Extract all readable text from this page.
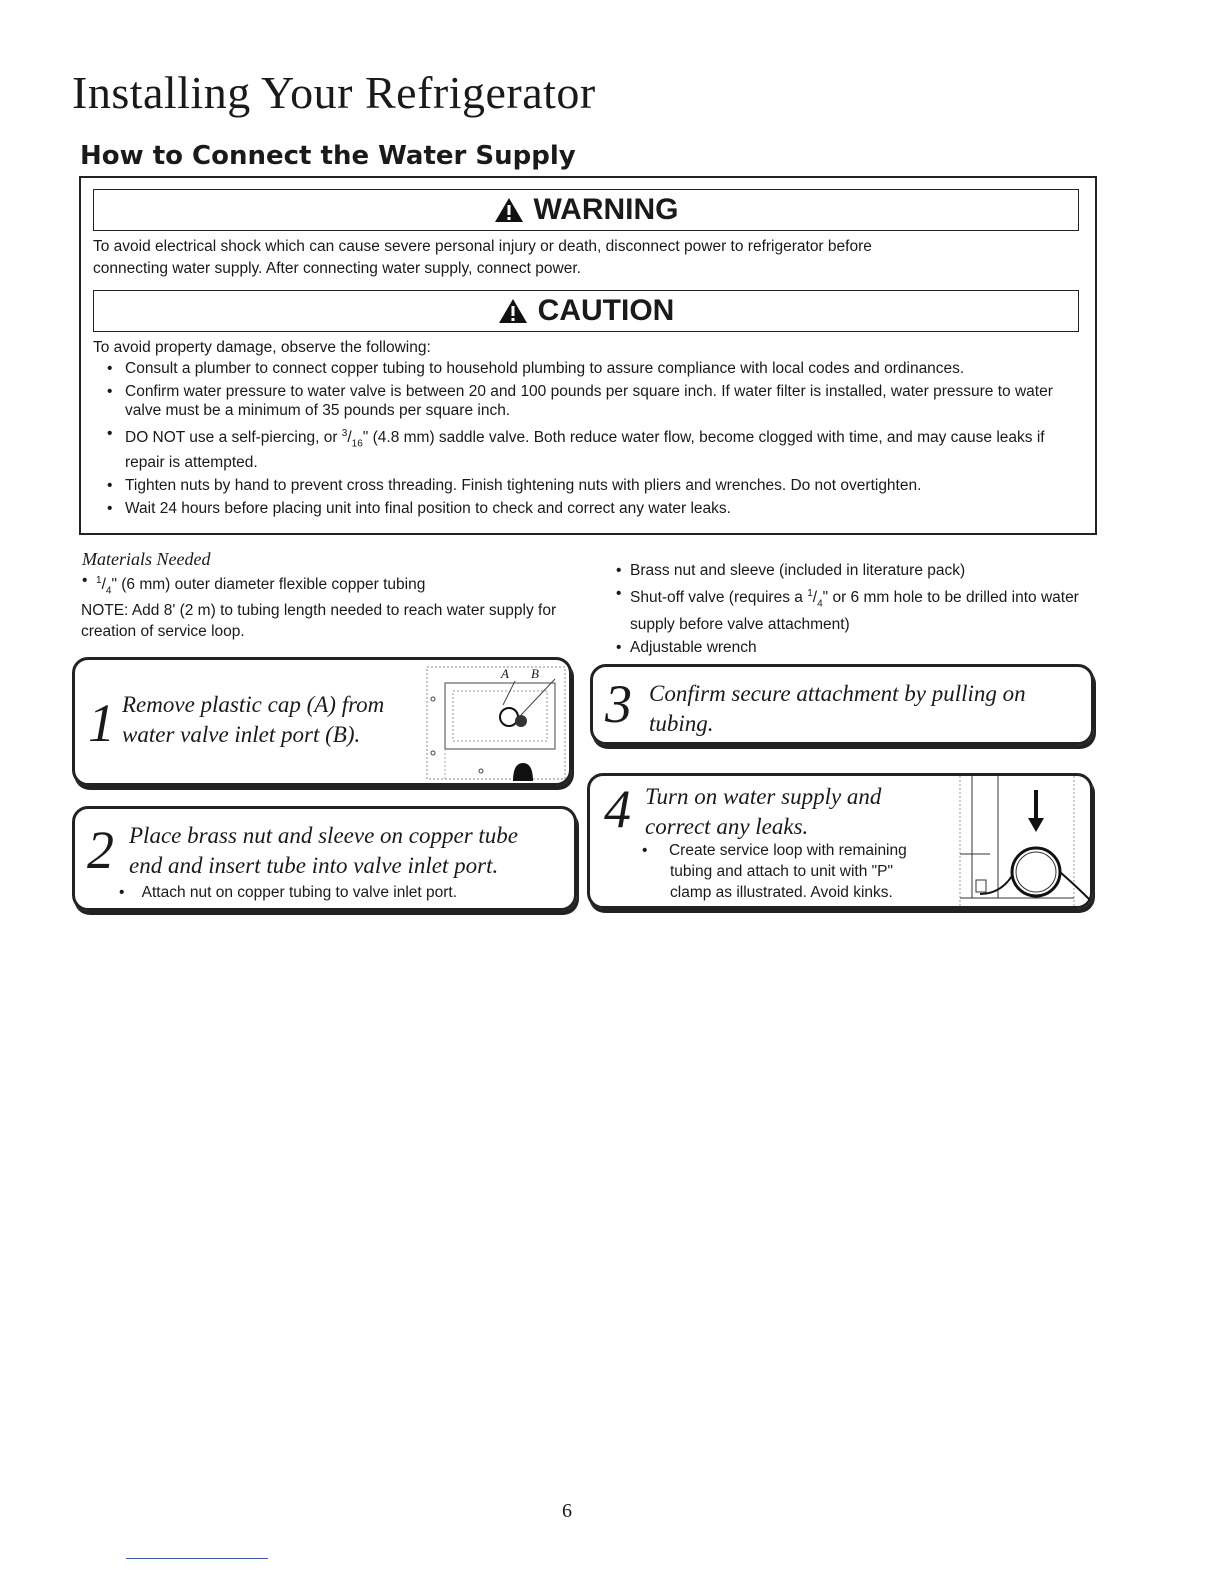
Installing Your Refrigerator
How to Connect the Water Supply
WARNING
To avoid electrical shock which can cause severe personal injury or death, disconnect power to refrigerator before
connecting water supply. After connecting water supply, connect power.
CAUTION
To avoid property damage, observe the following:
• Consult a plumber to connect copper tubing to household plumbing to assure compliance with local codes and ordinances.
• Confirm water pressure to water valve is between 20 and 100 pounds per square inch. If water filter is installed, water pressure to water valve must be a minimum of 35 pounds per square inch.
• DO NOT use a self-piercing, or $^3/_{16}$" (4.8 mm) saddle valve. Both reduce water flow, become clogged with time, and may cause leaks if repair is attempted.
• Tighten nuts by hand to prevent cross threading. Finish tightening nuts with pliers and wrenches. Do not overtighten.
• Wait 24 hours before placing unit into final position to check and correct any water leaks.
Materials Needed
• $^1/_4$" (6 mm) outer diameter flexible copper tubing
NOTE: Add 8' (2 m) to tubing length needed to reach water supply for creation of service loop.
• Brass nut and sleeve (included in literature pack)
• Shut-off valve (requires a $^1/_4$" or 6 mm hole to be drilled into water supply before valve attachment)
• Adjustable wrench
1 Remove plastic cap (A) from
water valve inlet port (B).
A B
2 Place brass nut and sleeve on copper tube
end and insert tube into valve inlet port.
•    Attach nut on copper tubing to valve inlet port.
3 Confirm secure attachment by pulling on
tubing.
4 Turn on water supply and
correct any leaks.
•     Create service loop with remaining
tubing and attach to unit with "P"
clamp as illustrated. Avoid kinks.
6
